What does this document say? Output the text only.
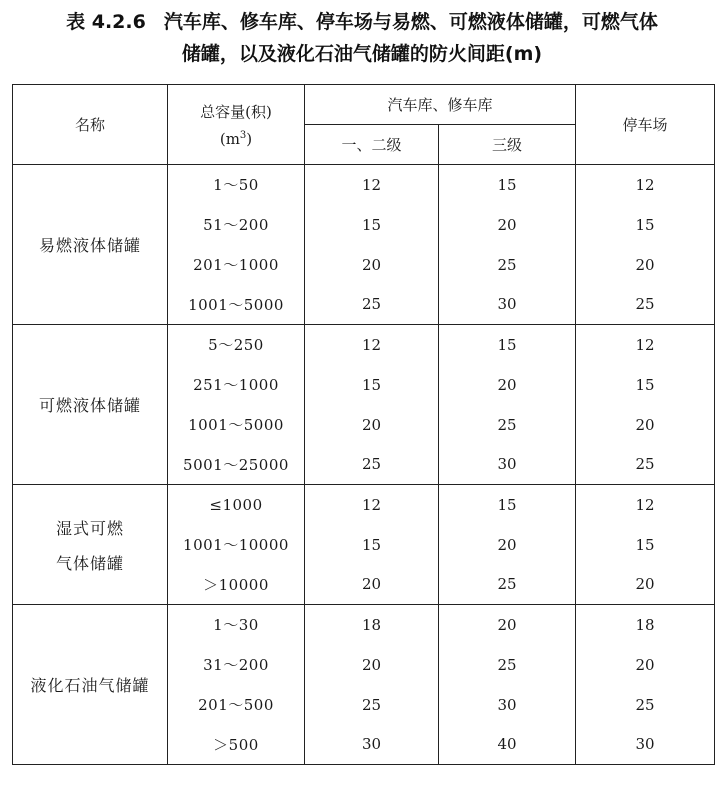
表 4.2.6 汽车库、修车库、停车场与易燃、可燃液体储罐，可燃气体
储罐，以及液化石油气储罐的防火间距(m)
名称	总容量(积)
$(m^3)$	汽车库、修车库		停车场
		一、二级	三级	

易燃液体储罐	1～50	12	15	12
	51～200	15	20	15
	201～1000	20	25	20
	1001～5000	25	30	25

可燃液体储罐	5～250	12	15	12
	251～1000	15	20	15
	1001～5000	20	25	20
	5001～25000	25	30	25

湿式可燃
气体储罐	≤1000	12	15	12
	1001～10000	15	20	15
	＞10000	20	25	20

液化石油气储罐	1～30	18	20	18
	31～200	20	25	20
	201～500	25	30	25
	＞500	30	40	30
